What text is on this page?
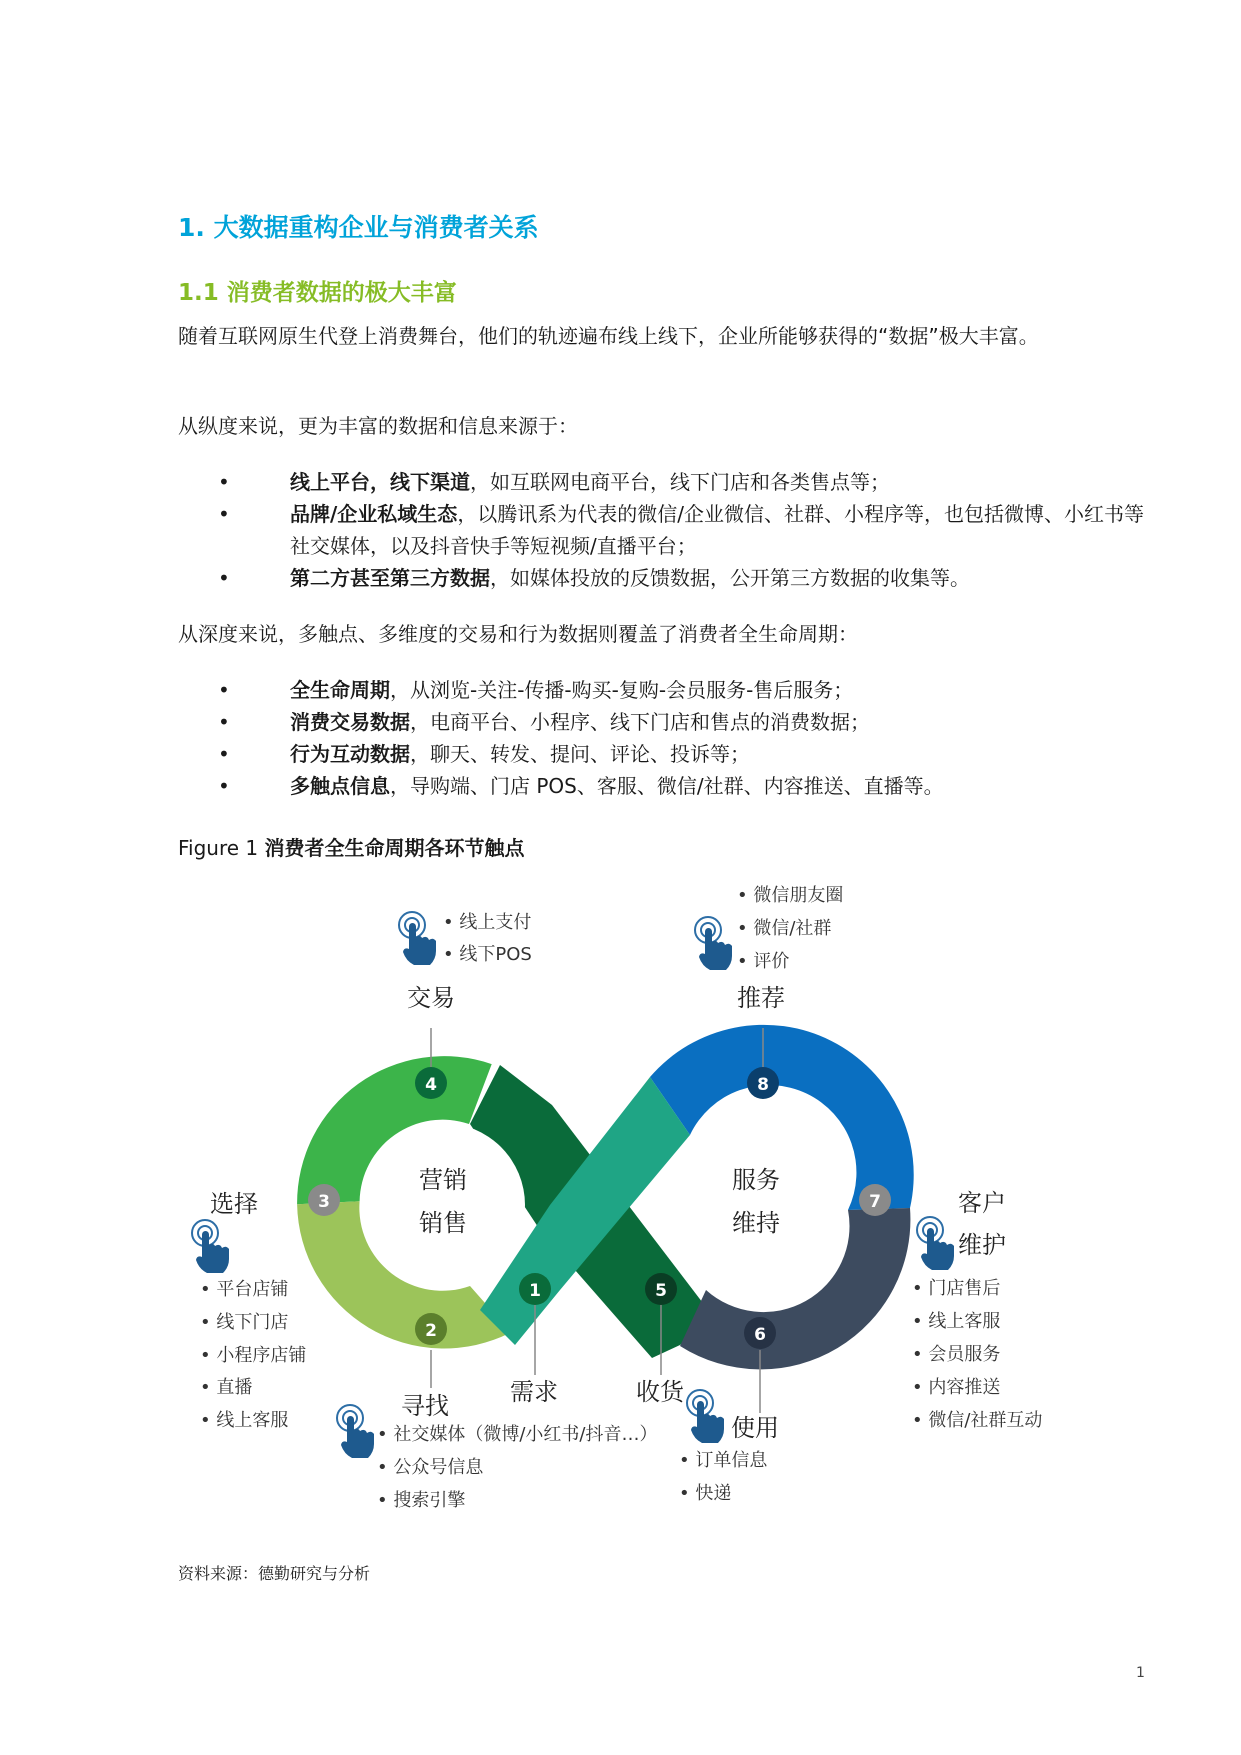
1. 大数据重构企业与消费者关系
1.1 消费者数据的极大丰富

随着互联网原生代登上消费舞台，他们的轨迹遍布线上线下，企业所能够获得的“数据”极大丰富。

从纵度来说，更为丰富的数据和信息来源于：

•	线上平台，线下渠道，如互联网电商平台，线下门店和各类售点等；
•	品牌/企业私域生态，以腾讯系为代表的微信/企业微信、社群、小程序等，也包括微博、小红书等社交媒体，以及抖音快手等短视频/直播平台；
•	第二方甚至第三方数据，如媒体投放的反馈数据，公开第三方数据的收集等。

从深度来说，多触点、多维度的交易和行为数据则覆盖了消费者全生命周期：

•	全生命周期，从浏览-关注-传播-购买-复购-会员服务-售后服务；
•	消费交易数据，电商平台、小程序、线下门店和售点的消费数据；
•	行为互动数据，聊天、转发、提问、评论、投诉等；
•	多触点信息，导购端、门店 POS、客服、微信/社群、内容推送、直播等。
Figure 1 消费者全生命周期各环节触点
营销
销售
服务
维持
4
3
2
1	5
8
7
6
交易	推荐
选择
寻找	需求	收货
使用
客户
维护
• 线上支付
• 线下POS
• 微信朋友圈
• 微信/社群
• 评价
• 平台店铺
• 线下门店
• 小程序店铺
• 直播
• 线上客服
• 社交媒体（微博/小红书/抖音…）
• 公众号信息
• 搜索引擎
• 订单信息
• 快递
• 门店售后
• 线上客服
• 会员服务
• 内容推送
• 微信/社群互动
资料来源：德勤研究与分析
1
